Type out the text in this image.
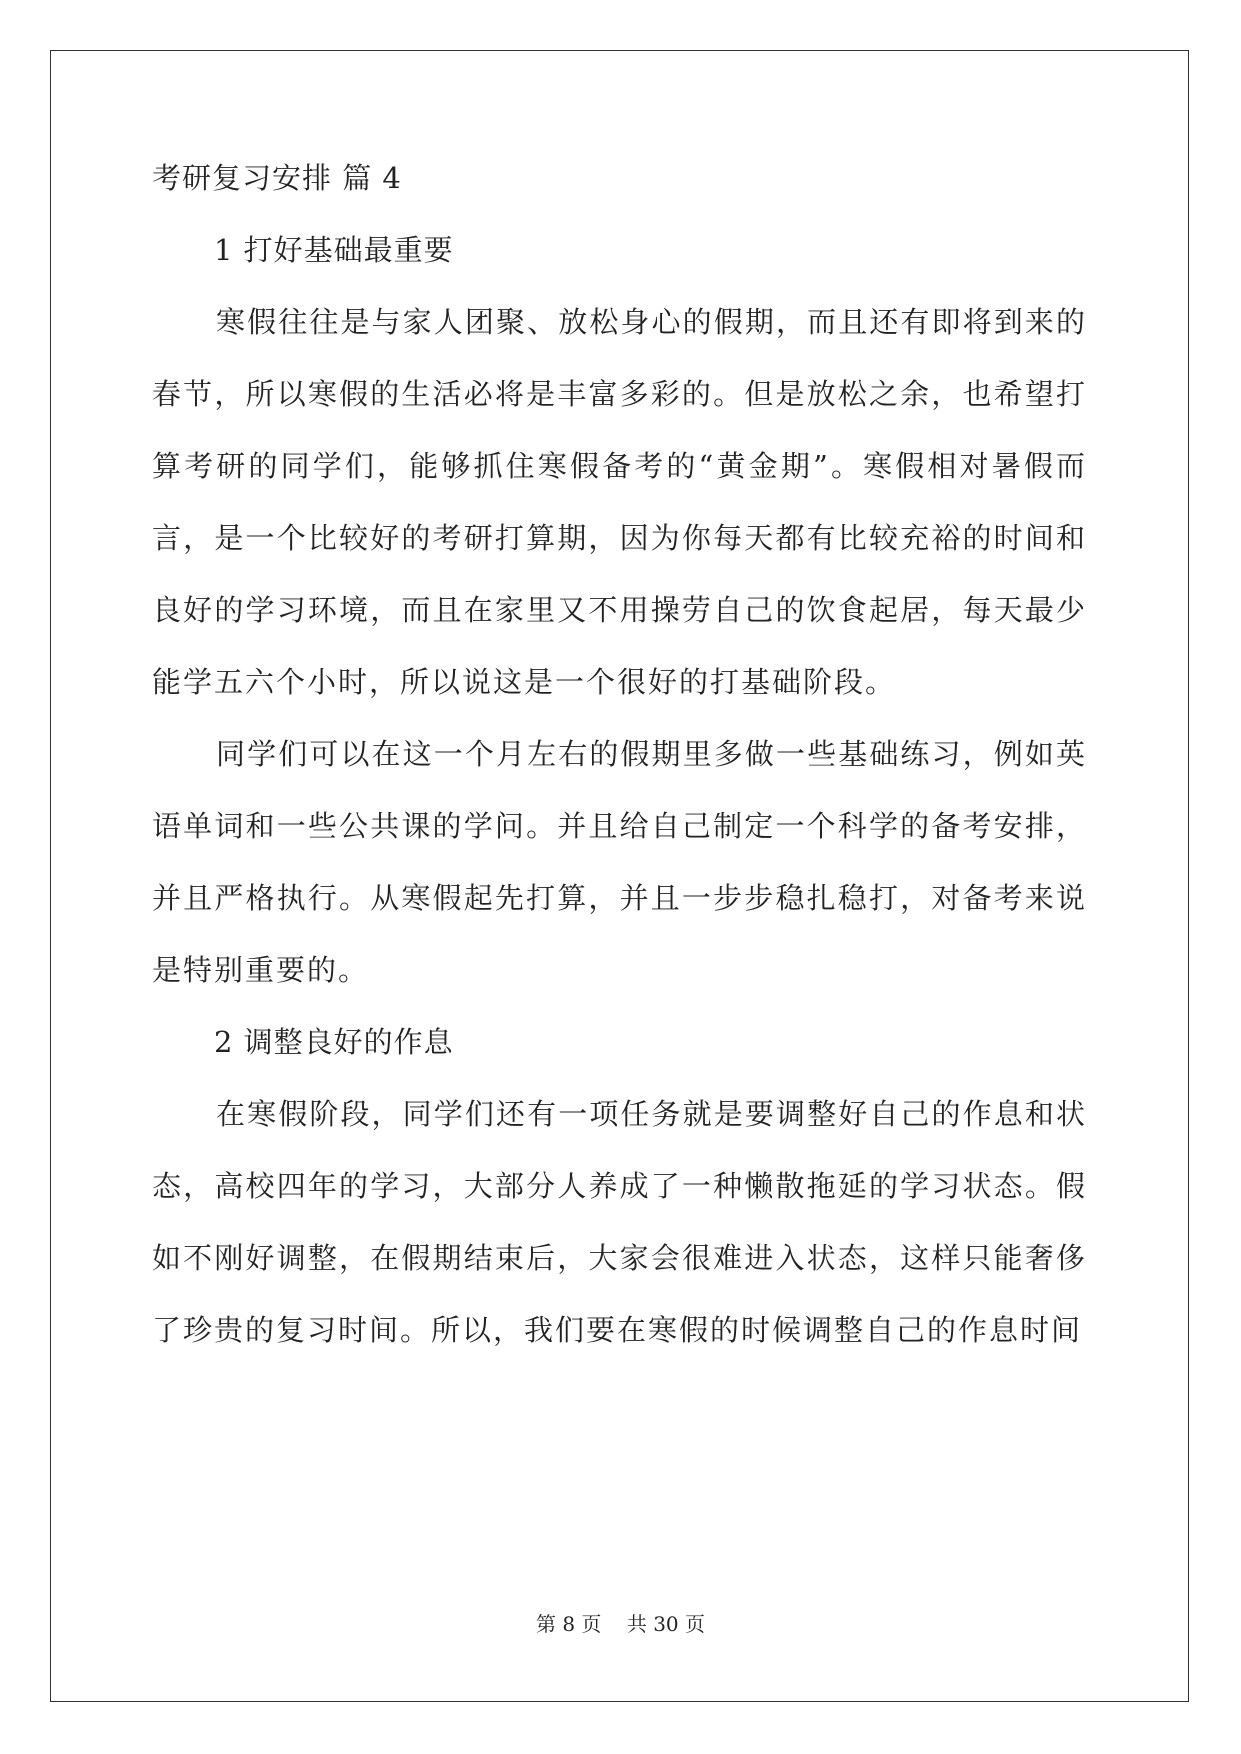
考研复习安排 篇 4

1 打好基础最重要

寒假往往是与家人团聚、放松身心的假期，而且还有即将到来的春节，所以寒假的生活必将是丰富多彩的。但是放松之余，也希望打算考研的同学们，能够抓住寒假备考的“黄金期”。寒假相对暑假而言，是一个比较好的考研打算期，因为你每天都有比较充裕的时间和良好的学习环境，而且在家里又不用操劳自己的饮食起居，每天最少能学五六个小时，所以说这是一个很好的打基础阶段。

同学们可以在这一个月左右的假期里多做一些基础练习，例如英语单词和一些公共课的学问。并且给自己制定一个科学的备考安排，并且严格执行。从寒假起先打算，并且一步步稳扎稳打，对备考来说是特别重要的。

2 调整良好的作息

在寒假阶段，同学们还有一项任务就是要调整好自己的作息和状态，高校四年的学习，大部分人养成了一种懒散拖延的学习状态。假如不刚好调整，在假期结束后，大家会很难进入状态，这样只能奢侈了珍贵的复习时间。所以，我们要在寒假的时候调整自己的作息时间

第 8 页    共 30 页
